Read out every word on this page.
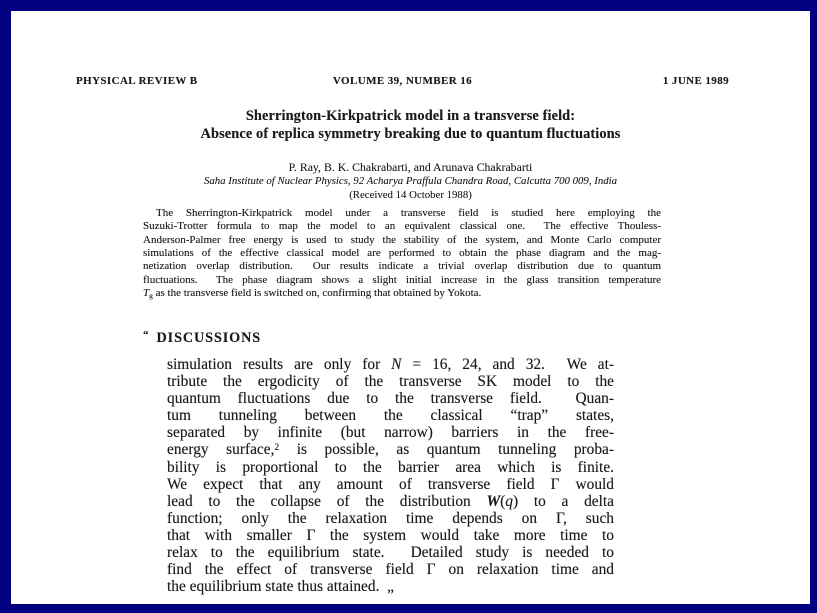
PHYSICAL REVIEW B	VOLUME 39, NUMBER 16	1 JUNE 1989
Sherrington-Kirkpatrick model in a transverse field:
Absence of replica symmetry breaking due to quantum fluctuations
P. Ray, B. K. Chakrabarti, and Arunava Chakrabarti
Saha Institute of Nuclear Physics, 92 Acharya Praffula Chandra Road, Calcutta 700 009, India
(Received 14 October 1988)
The Sherrington-Kirkpatrick model under a transverse field is studied here employing the
Suzuki-Trotter formula to map the model to an equivalent classical one.  The effective Thouless-
Anderson-Palmer free energy is used to study the stability of the system, and Monte Carlo computer
simulations of the effective classical model are performed to obtain the phase diagram and the mag-
netization overlap distribution.  Our results indicate a trivial overlap distribution due to quantum
fluctuations.  The phase diagram shows a slight initial increase in the glass transition temperature
$T_g$ as the transverse field is switched on, confirming that obtained by Yokota.
“ DISCUSSIONS
simulation results are only for N = 16, 24, and 32.  We at-
tribute the ergodicity of the transverse SK model to the
quantum fluctuations due to the transverse field.  Quan-
tum tunneling between the classical “trap” states,
separated by infinite (but narrow) barriers in the free-
energy surface,$^2$ is possible, as quantum tunneling proba-
bility is proportional to the barrier area which is finite.
We expect that any amount of transverse field Γ would
lead to the collapse of the distribution W(q) to a delta
function; only the relaxation time depends on Γ, such
that with smaller Γ the system would take more time to
relax to the equilibrium state.  Detailed study is needed to
find the effect of transverse field Γ on relaxation time and
the equilibrium state thus attained.  „
